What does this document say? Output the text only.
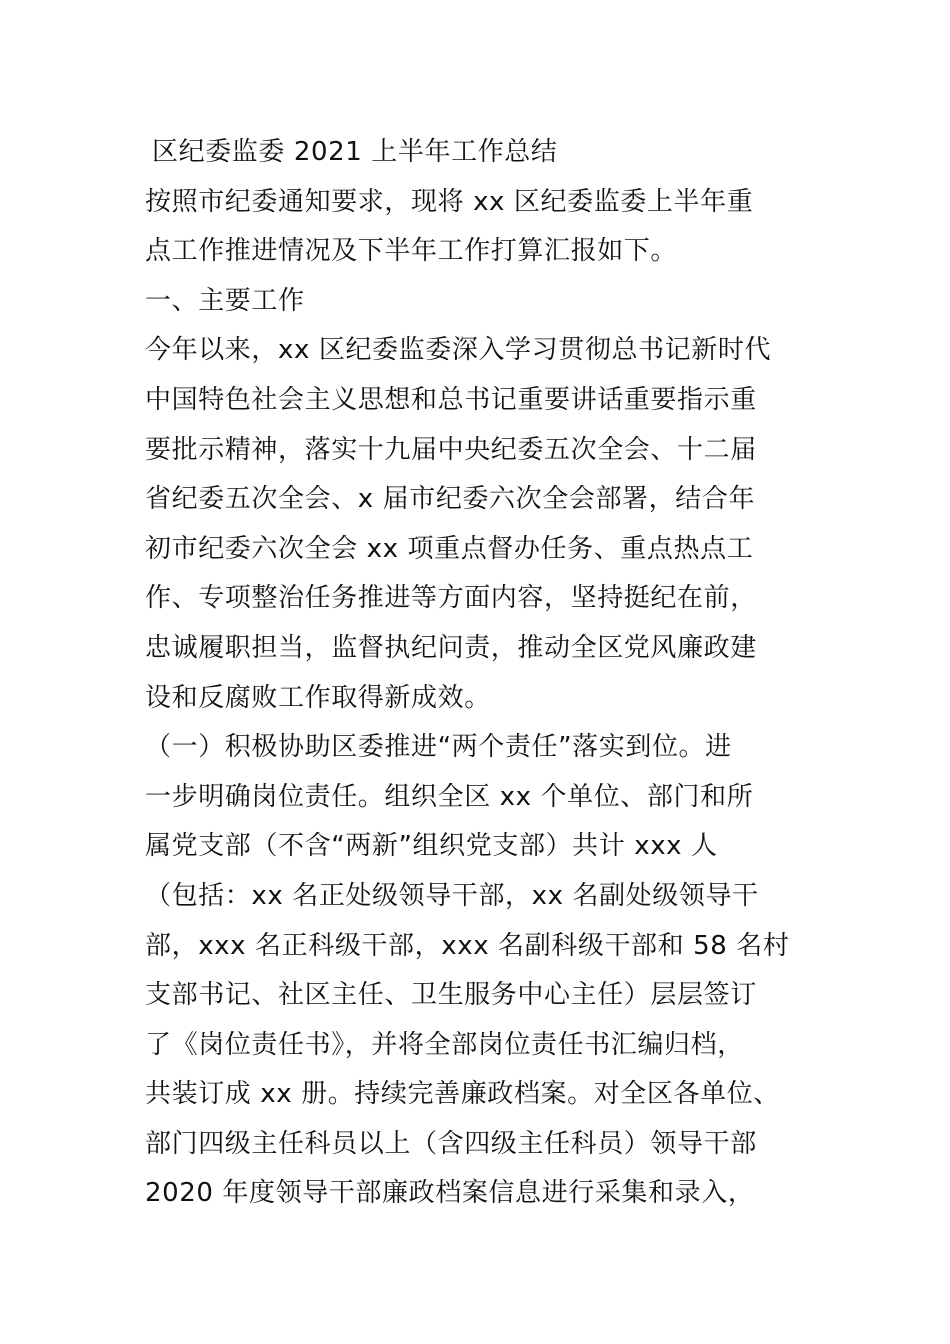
区纪委监委 2021 上半年工作总结
按照市纪委通知要求，现将 xx 区纪委监委上半年重
点工作推进情况及下半年工作打算汇报如下。
一、主要工作
今年以来，xx 区纪委监委深入学习贯彻总书记新时代
中国特色社会主义思想和总书记重要讲话重要指示重
要批示精神，落实十九届中央纪委五次全会、十二届
省纪委五次全会、x 届市纪委六次全会部署，结合年
初市纪委六次全会 xx 项重点督办任务、重点热点工
作、专项整治任务推进等方面内容，坚持挺纪在前，
忠诚履职担当，监督执纪问责，推动全区党风廉政建
设和反腐败工作取得新成效。
（一）积极协助区委推进“两个责任”落实到位。进
一步明确岗位责任。组织全区 xx 个单位、部门和所
属党支部（不含“两新”组织党支部）共计 xxx 人
（包括：xx 名正处级领导干部，xx 名副处级领导干
部，xxx 名正科级干部，xxx 名副科级干部和 58 名村
支部书记、社区主任、卫生服务中心主任）层层签订
了《岗位责任书》，并将全部岗位责任书汇编归档，
共装订成 xx 册。持续完善廉政档案。对全区各单位、
部门四级主任科员以上（含四级主任科员）领导干部
2020 年度领导干部廉政档案信息进行采集和录入，
